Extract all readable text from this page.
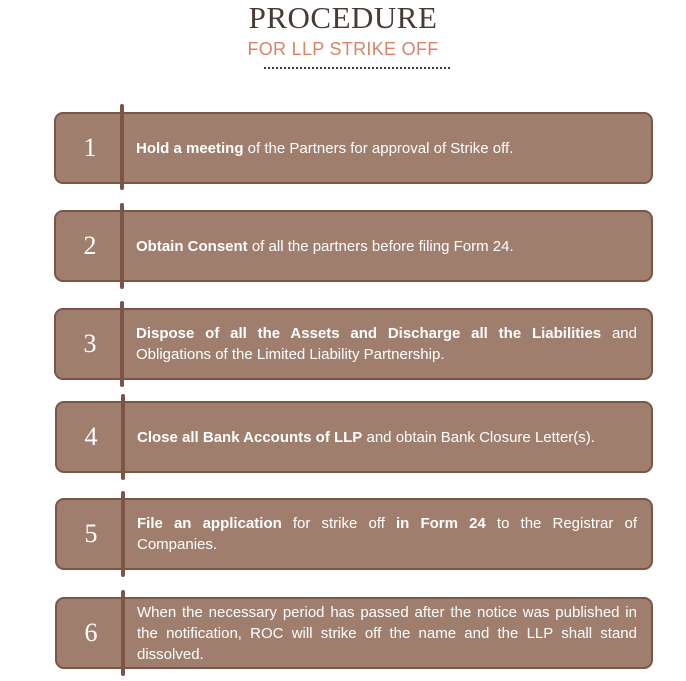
PROCEDURE
FOR LLP STRIKE OFF
1	Hold a meeting of the Partners for approval of Strike off.
2	Obtain Consent of all the partners before filing Form 24.
3	Dispose of all the Assets and Discharge all the Liabilities and Obligations of the Limited Liability Partnership.
4	Close all Bank Accounts of LLP and obtain Bank Closure Letter(s).
5	File an application for strike off in Form 24 to the Registrar of Companies.
6
When the necessary period has passed after the notice was published in the notification, ROC will strike off the name and the LLP shall stand dissolved.
